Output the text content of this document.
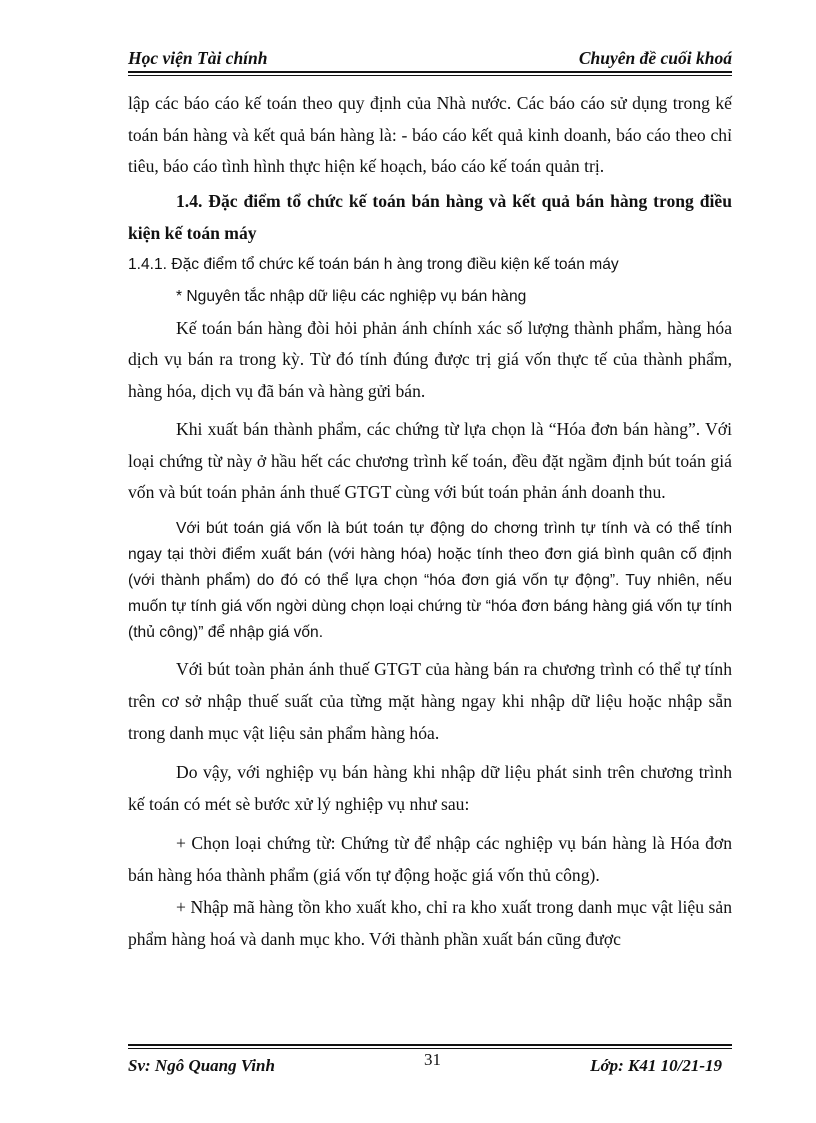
Học viện Tài chính	Chuyên đề cuối khoá

lập các báo cáo kế toán theo quy định của Nhà nước. Các báo cáo sử dụng trong kế toán bán hàng và kết quả bán hàng là: - báo cáo kết quả kinh doanh, báo cáo theo chỉ tiêu, báo cáo tình hình thực hiện kế hoạch, báo cáo kế toán quản trị.

1.4. Đặc điểm tổ chức kế toán bán hàng và kết quả bán hàng trong điều kiện kế toán máy

1.4.1. Đặc điểm tổ chức kế toán bán h àng trong điều kiện kế toán máy

* Nguyên tắc nhập dữ liệu các nghiệp vụ bán hàng

Kế toán bán hàng đòi hỏi phản ánh chính xác số lượng thành phẩm, hàng hóa dịch vụ bán ra trong kỳ. Từ đó tính đúng được trị giá vốn thực tế của thành phẩm, hàng hóa, dịch vụ đã bán và hàng gửi bán.

Khi xuất bán thành phẩm, các chứng từ lựa chọn là “Hóa đơn bán hàng”. Với loại chứng từ này ở hầu hết các chương trình kế toán, đều đặt ngầm định bút toán giá vốn và bút toán phản ánh thuế GTGT cùng với bút toán phản ánh doanh thu.

Với bút toán giá vốn là bút toán tự động do chơng trình tự tính và có thể tính ngay tại thời điểm xuất bán (với hàng hóa) hoặc tính theo đơn giá bình quân cố định (với thành phẩm) do đó có thể lựa chọn “hóa đơn giá vốn tự động”. Tuy nhiên, nếu muốn tự tính giá vốn ngời dùng chọn loại chứng từ “hóa đơn báng hàng giá vốn tự tính (thủ công)” để nhập giá vốn.

Với bút toàn phản ánh thuế GTGT của hàng bán ra chương trình có thể tự tính trên cơ sở nhập thuế suất của từng mặt hàng ngay khi nhập dữ liệu hoặc nhập sẵn trong danh mục vật liệu sản phẩm hàng hóa.

Do vậy, với nghiệp vụ bán hàng khi nhập dữ liệu phát sinh trên chương trình kế toán có mét sè bước xử lý nghiệp vụ như sau:

+ Chọn loại chứng từ: Chứng từ để nhập các nghiệp vụ bán hàng là Hóa đơn bán hàng hóa thành phẩm (giá vốn tự động hoặc giá vốn thủ công).

+ Nhập mã hàng tồn kho xuất kho, chỉ ra kho xuất trong danh mục vật liệu sản phẩm hàng hoá và danh mục kho. Với thành phần xuất bán cũng được

31
Sv: Ngô Quang Vinh	Lớp: K41 10/21-19
